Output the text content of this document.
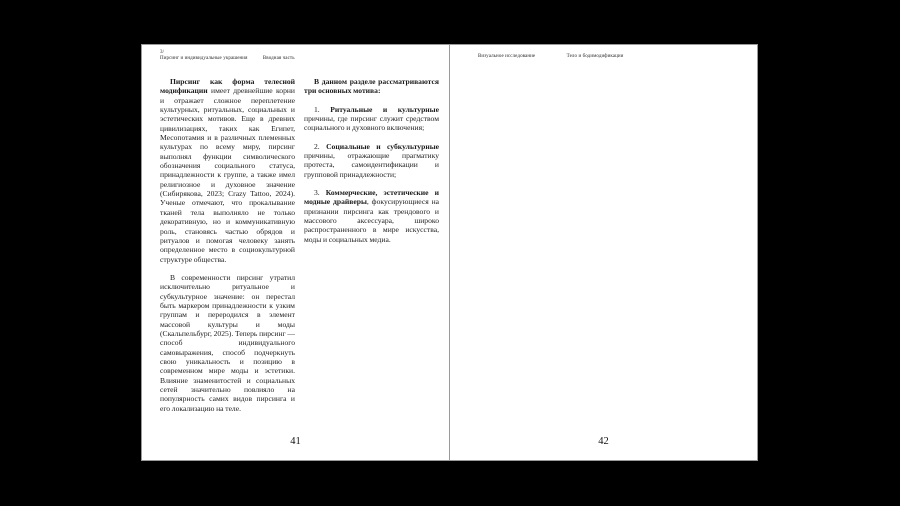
3/
Пирсинг и индивидуальные украшения	Вводная часть

Пирсинг как форма телесной модификации имеет древнейшие корни и отражает сложное переплетение культурных, ритуальных, социальных и эстетических мотивов. Еще в древних цивилизациях, таких как Египет, Месопотамия и в различных племенных культурах по всему миру, пирсинг выполнял функции символического обозначения социального статуса, принадлежности к группе, а также имел религиозное и духовное значение (Сибирякова, 2023; Crazy Tattoo, 2024). Ученые отмечают, что прокалывание тканей тела выполняло не только декоративную, но и коммуникативную роль, становясь частью обрядов и ритуалов и помогая человеку занять определенное место в социокультурной структуре общества.

В современности пирсинг утратил исключительно ритуальное и субкультурное значение: он перестал быть маркером принадлежности к узким группам и переродился в элемент массовой культуры и моды (Скальпельбург, 2025). Теперь пирсинг — способ индивидуального самовыражения, способ подчеркнуть свою уникальность и позицию в современном мире моды и эстетики. Влияние знаменитостей и социальных сетей значительно повлияло на популярность самих видов пирсинга и его локализацию на теле.

В данном разделе рассматриваются три основных мотива:

1. Ритуальные и культурные причины, где пирсинг служит средством социального и духовного включения;

2. Социальные и субкультурные причины, отражающие прагматику протеста, самоидентификации и групповой принадлежности;

3. Коммерческие, эстетические и модные драйверы, фокусирующиеся на признании пирсинга как трендового и массового аксессуара, широко распространенного в мире искусства, моды и социальных медиа.

41
Визуальное исследование	Тело и бодимодификации
42
